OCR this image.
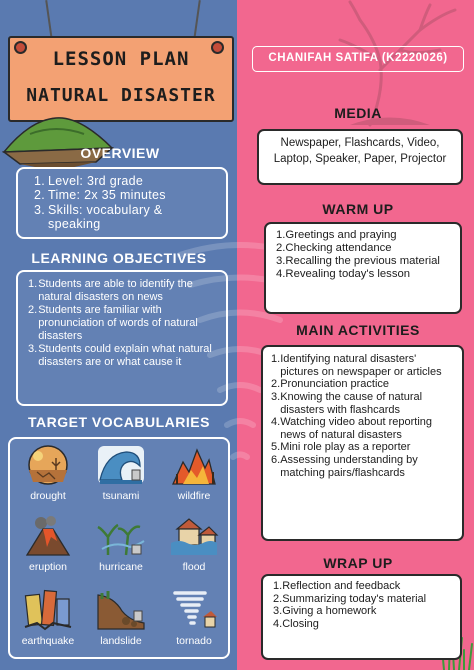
LESSON PLAN
NATURAL DISASTER
OVERVIEW
1. Level: 3rd grade
2. Time: 2x 35 minutes
3. Skills: vocabulary & speaking
LEARNING OBJECTIVES
1. Students are able to identify the natural disasters on news
2. Students are familiar with pronunciation of words of natural disasters
3. Students could explain what natural disasters are or what cause it
TARGET VOCABULARIES
drought	tsunami	wildfire
eruption	hurricane	flood
earthquake	landslide	tornado
CHANIFAH SATIFA (K2220026)
MEDIA
Newspaper, Flashcards, Video, Laptop, Speaker, Paper, Projector
WARM UP
1. Greetings and praying
2. Checking attendance
3. Recalling the previous material
4. Revealing today's lesson
MAIN ACTIVITIES
1. Identifying natural disasters' pictures on newspaper or articles
2. Pronunciation practice
3. Knowing the cause of natural disasters with flashcards
4. Watching video about reporting news of natural disasters
5. Mini role play as a reporter
6. Assessing understanding by matching pairs/flashcards
WRAP UP
1. Reflection and feedback
2. Summarizing today's material
3. Giving a homework
4. Closing
